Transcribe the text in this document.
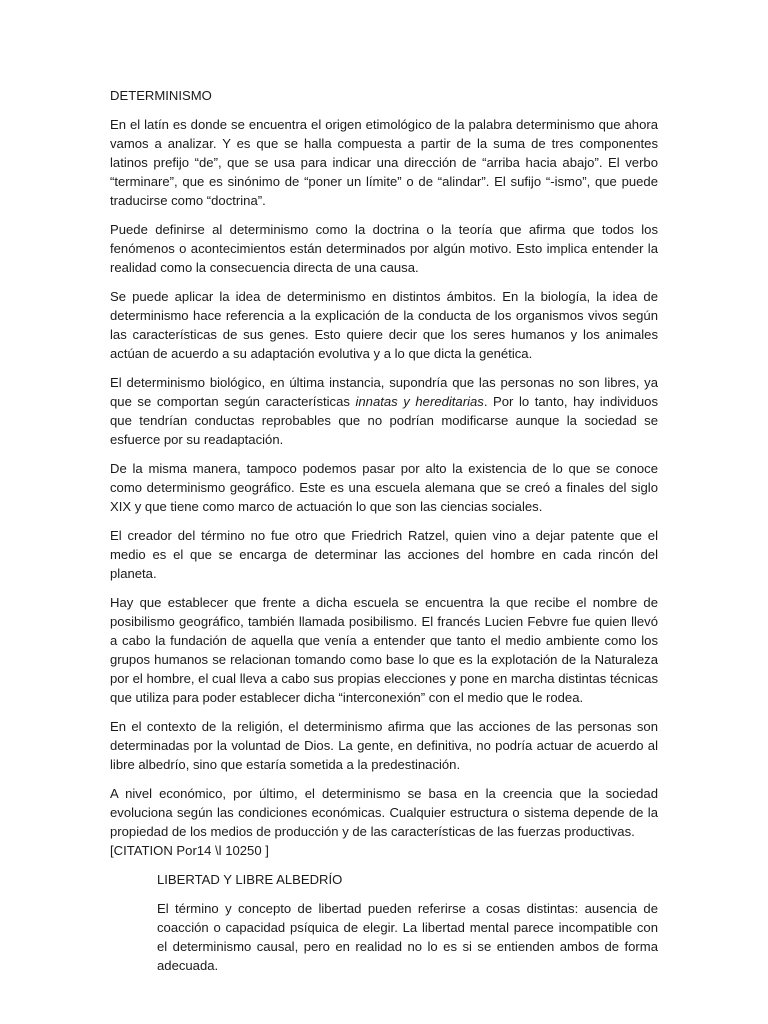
DETERMINISMO
En el latín es donde se encuentra el origen etimológico de la palabra determinismo que ahora vamos a analizar. Y es que se halla compuesta a partir de la suma de tres componentes latinos prefijo “de”, que se usa para indicar una dirección de “arriba hacia abajo”. El verbo “terminare”, que es sinónimo de “poner un límite” o de “alindar”. El sufijo “-ismo”, que puede traducirse como “doctrina”.
Puede definirse al determinismo como la doctrina o la teoría que afirma que todos los fenómenos o acontecimientos están determinados por algún motivo. Esto implica entender la realidad como la consecuencia directa de una causa.
Se puede aplicar la idea de determinismo en distintos ámbitos. En la biología, la idea de determinismo hace referencia a la explicación de la conducta de los organismos vivos según las características de sus genes. Esto quiere decir que los seres humanos y los animales actúan de acuerdo a su adaptación evolutiva y a lo que dicta la genética.
El determinismo biológico, en última instancia, supondría que las personas no son libres, ya que se comportan según características innatas y hereditarias. Por lo tanto, hay individuos que tendrían conductas reprobables que no podrían modificarse aunque la sociedad se esfuerce por su readaptación.
De la misma manera, tampoco podemos pasar por alto la existencia de lo que se conoce como determinismo geográfico. Este es una escuela alemana que se creó a finales del siglo XIX y que tiene como marco de actuación lo que son las ciencias sociales.
El creador del término no fue otro que Friedrich Ratzel, quien vino a dejar patente que el medio es el que se encarga de determinar las acciones del hombre en cada rincón del planeta.
Hay que establecer que frente a dicha escuela se encuentra la que recibe el nombre de posibilismo geográfico, también llamada posibilismo. El francés Lucien Febvre fue quien llevó a cabo la fundación de aquella que venía a entender que tanto el medio ambiente como los grupos humanos se relacionan tomando como base lo que es la explotación de la Naturaleza por el hombre, el cual lleva a cabo sus propias elecciones y pone en marcha distintas técnicas que utiliza para poder establecer dicha “interconexión” con el medio que le rodea.
En el contexto de la religión, el determinismo afirma que las acciones de las personas son determinadas por la voluntad de Dios. La gente, en definitiva, no podría actuar de acuerdo al libre albedrío, sino que estaría sometida a la predestinación.
A nivel económico, por último, el determinismo se basa en la creencia que la sociedad evoluciona según las condiciones económicas. Cualquier estructura o sistema depende de la propiedad de los medios de producción y de las características de las fuerzas productivas.
[CITATION Por14 \l 10250 ]
LIBERTAD Y LIBRE ALBEDRÍO
El término y concepto de libertad pueden referirse a cosas distintas: ausencia de coacción o capacidad psíquica de elegir. La libertad mental parece incompatible con el determinismo causal, pero en realidad no lo es si se entienden ambos de forma adecuada.
